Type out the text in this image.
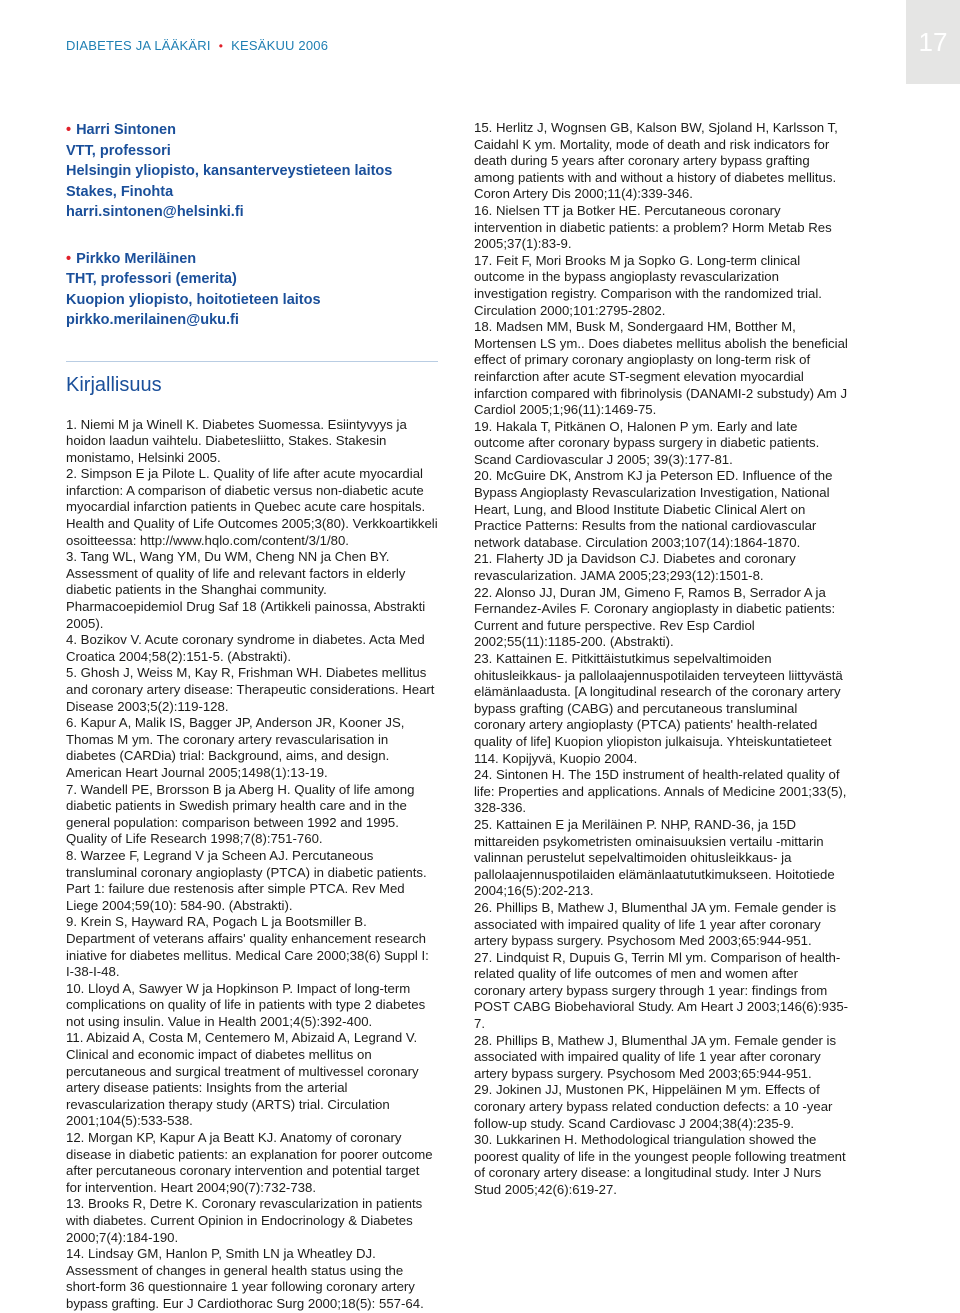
DIABETES JA LÄÄKÄRI • KESÄKUU 2006	17

• Harri Sintonen

VTT, professori

Helsingin yliopisto, kansanterveystieteen laitos

Stakes, Finohta

harri.sintonen@helsinki.fi

• Pirkko Meriläinen

THT, professori (emerita)

Kuopion yliopisto, hoitotieteen laitos

pirkko.merilainen@uku.fi

Kirjallisuus
1. Niemi M ja Winell K. Diabetes Suomessa. Esiintyvyys ja hoidon laadun vaihtelu. Diabetesliitto, Stakes. Stakesin monistamo, Helsinki 2005.
2. Simpson E ja Pilote L. Quality of life after acute myocardial infarction: A comparison of diabetic versus non-diabetic acute myocardial infarction patients in Quebec acute care hospitals. Health and Quality of Life Outcomes 2005;3(80). Verkkoartikkeli osoitteessa: http://www.hqlo.com/content/3/1/80.
3. Tang WL, Wang YM, Du WM, Cheng NN ja Chen BY. Assessment of quality of life and relevant factors in elderly diabetic patients in the Shanghai community. Pharmacoepidemiol Drug Saf 18 (Artikkeli painossa, Abstrakti 2005).
4. Bozikov V. Acute coronary syndrome in diabetes. Acta Med Croatica 2004;58(2):151-5. (Abstrakti).
5. Ghosh J, Weiss M, Kay R, Frishman WH. Diabetes mellitus and coronary artery disease: Therapeutic considerations. Heart Disease 2003;5(2):119-128.
6. Kapur A, Malik IS, Bagger JP, Anderson JR, Kooner JS, Thomas M ym. The coronary artery revascularisation in diabetes (CARDia) trial: Background, aims, and design. American Heart Journal 2005;1498(1):13-19.
7. Wandell PE, Brorsson B ja Aberg H. Quality of life among diabetic patients in Swedish primary health care and in the general population: comparison between 1992 and 1995. Quality of Life Research 1998;7(8):751-760.
8. Warzee F, Legrand V ja Scheen AJ. Percutaneous transluminal coronary angioplasty (PTCA) in diabetic patients. Part 1: failure due restenosis after simple PTCA. Rev Med Liege 2004;59(10): 584-90. (Abstrakti).
9. Krein S, Hayward RA, Pogach L ja Bootsmiller B. Department of veterans affairs' quality enhancement research iniative for diabetes mellitus. Medical Care 2000;38(6) Suppl I: I-38-I-48.
10. Lloyd A, Sawyer W ja Hopkinson P. Impact of long-term complications on quality of life in patients with type 2 diabetes not using insulin. Value in Health 2001;4(5):392-400.
11. Abizaid A, Costa M, Centemero M, Abizaid A, Legrand V. Clinical and economic impact of diabetes mellitus on percutaneous and surgical treatment of multivessel coronary artery disease patients: Insights from the arterial revascularization therapy study (ARTS) trial. Circulation 2001;104(5):533-538.
12. Morgan KP, Kapur A ja Beatt KJ. Anatomy of coronary disease in diabetic patients: an explanation for poorer outcome after percutaneous coronary intervention and potential target for intervention. Heart 2004;90(7):732-738.
13. Brooks R, Detre K. Coronary revascularization in patients with diabetes. Current Opinion in Endocrinology & Diabetes 2000;7(4):184-190.
14. Lindsay GM, Hanlon P, Smith LN ja Wheatley DJ. Assessment of changes in general health status using the short-form 36 questionnaire 1 year following coronary artery bypass grafting. Eur J Cardiothorac Surg 2000;18(5): 557-64.
15. Herlitz J, Wognsen GB, Kalson BW, Sjoland H, Karlsson T, Caidahl K ym. Mortality, mode of death and risk indicators for death during 5 years after coronary artery bypass grafting among patients with and without a history of diabetes mellitus. Coron Artery Dis 2000;11(4):339-346.
16. Nielsen TT ja Botker HE. Percutaneous coronary intervention in diabetic patients: a problem? Horm Metab Res 2005;37(1):83-9.
17. Feit F, Mori Brooks M ja Sopko G. Long-term clinical outcome in the bypass angioplasty revascularization investigation registry. Comparison with the randomized trial. Circulation 2000;101:2795-2802.
18. Madsen MM, Busk M, Sondergaard HM, Botther M, Mortensen LS ym.. Does diabetes mellitus abolish the beneficial effect of primary coronary angioplasty on long-term risk of reinfarction after acute ST-segment elevation myocardial infarction compared with fibrinolysis (DANAMI-2 substudy) Am J Cardiol 2005;1;96(11):1469-75.
19. Hakala T, Pitkänen O, Halonen P ym. Early and late outcome after coronary bypass surgery in diabetic patients. Scand Cardiovascular J 2005; 39(3):177-81.
20. McGuire DK, Anstrom KJ ja Peterson ED. Influence of the Bypass Angioplasty Revascularization Investigation, National Heart, Lung, and Blood Institute Diabetic Clinical Alert on Practice Patterns: Results from the national cardiovascular network database. Circulation 2003;107(14):1864-1870.
21. Flaherty JD ja Davidson CJ. Diabetes and coronary revascularization. JAMA 2005;23;293(12):1501-8.
22. Alonso JJ, Duran JM, Gimeno F, Ramos B, Serrador A ja Fernandez-Aviles F. Coronary angioplasty in diabetic patients: Current and future perspective. Rev Esp Cardiol 2002;55(11):1185-200. (Abstrakti).
23. Kattainen E. Pitkittäistutkimus sepelvaltimoiden ohitusleikkaus- ja pallolaajennuspotilaiden terveyteen liittyvästä elämänlaadusta. [A longitudinal research of the coronary artery bypass grafting (CABG) and percutaneous transluminal coronary artery angioplasty (PTCA) patients' health-related quality of life] Kuopion yliopiston julkaisuja. Yhteiskuntatieteet 114. Kopijyvä, Kuopio 2004.
24. Sintonen H. The 15D instrument of health-related quality of life: Properties and applications. Annals of Medicine 2001;33(5), 328-336.
25. Kattainen E ja Meriläinen P. NHP, RAND-36, ja 15D mittareiden psykometristen ominaisuuksien vertailu -mittarin valinnan perustelut sepelvaltimoiden ohitusleikkaus- ja pallolaajennuspotilaiden elämänlaatututkimukseen. Hoitotiede 2004;16(5):202-213.
26. Phillips B, Mathew J, Blumenthal JA ym. Female gender is associated with impaired quality of life 1 year after coronary artery bypass surgery. Psychosom Med 2003;65:944-951.
27. Lindquist R, Dupuis G, Terrin Ml ym. Comparison of health-related quality of life outcomes of men and women after coronary artery bypass surgery through 1 year: findings from POST CABG Biobehavioral Study. Am Heart J 2003;146(6):935-7.
28. Phillips B, Mathew J, Blumenthal JA ym. Female gender is associated with impaired quality of life 1 year after coronary artery bypass surgery. Psychosom Med 2003;65:944-951.
29. Jokinen JJ, Mustonen PK, Hippeläinen M ym. Effects of coronary artery bypass related conduction defects: a 10 -year follow-up study. Scand Cardiovasc J 2004;38(4):235-9.
30. Lukkarinen H. Methodological triangulation showed the poorest quality of life in the youngest people following treatment of coronary artery disease: a longitudinal study. Inter J Nurs Stud 2005;42(6):619-27.
